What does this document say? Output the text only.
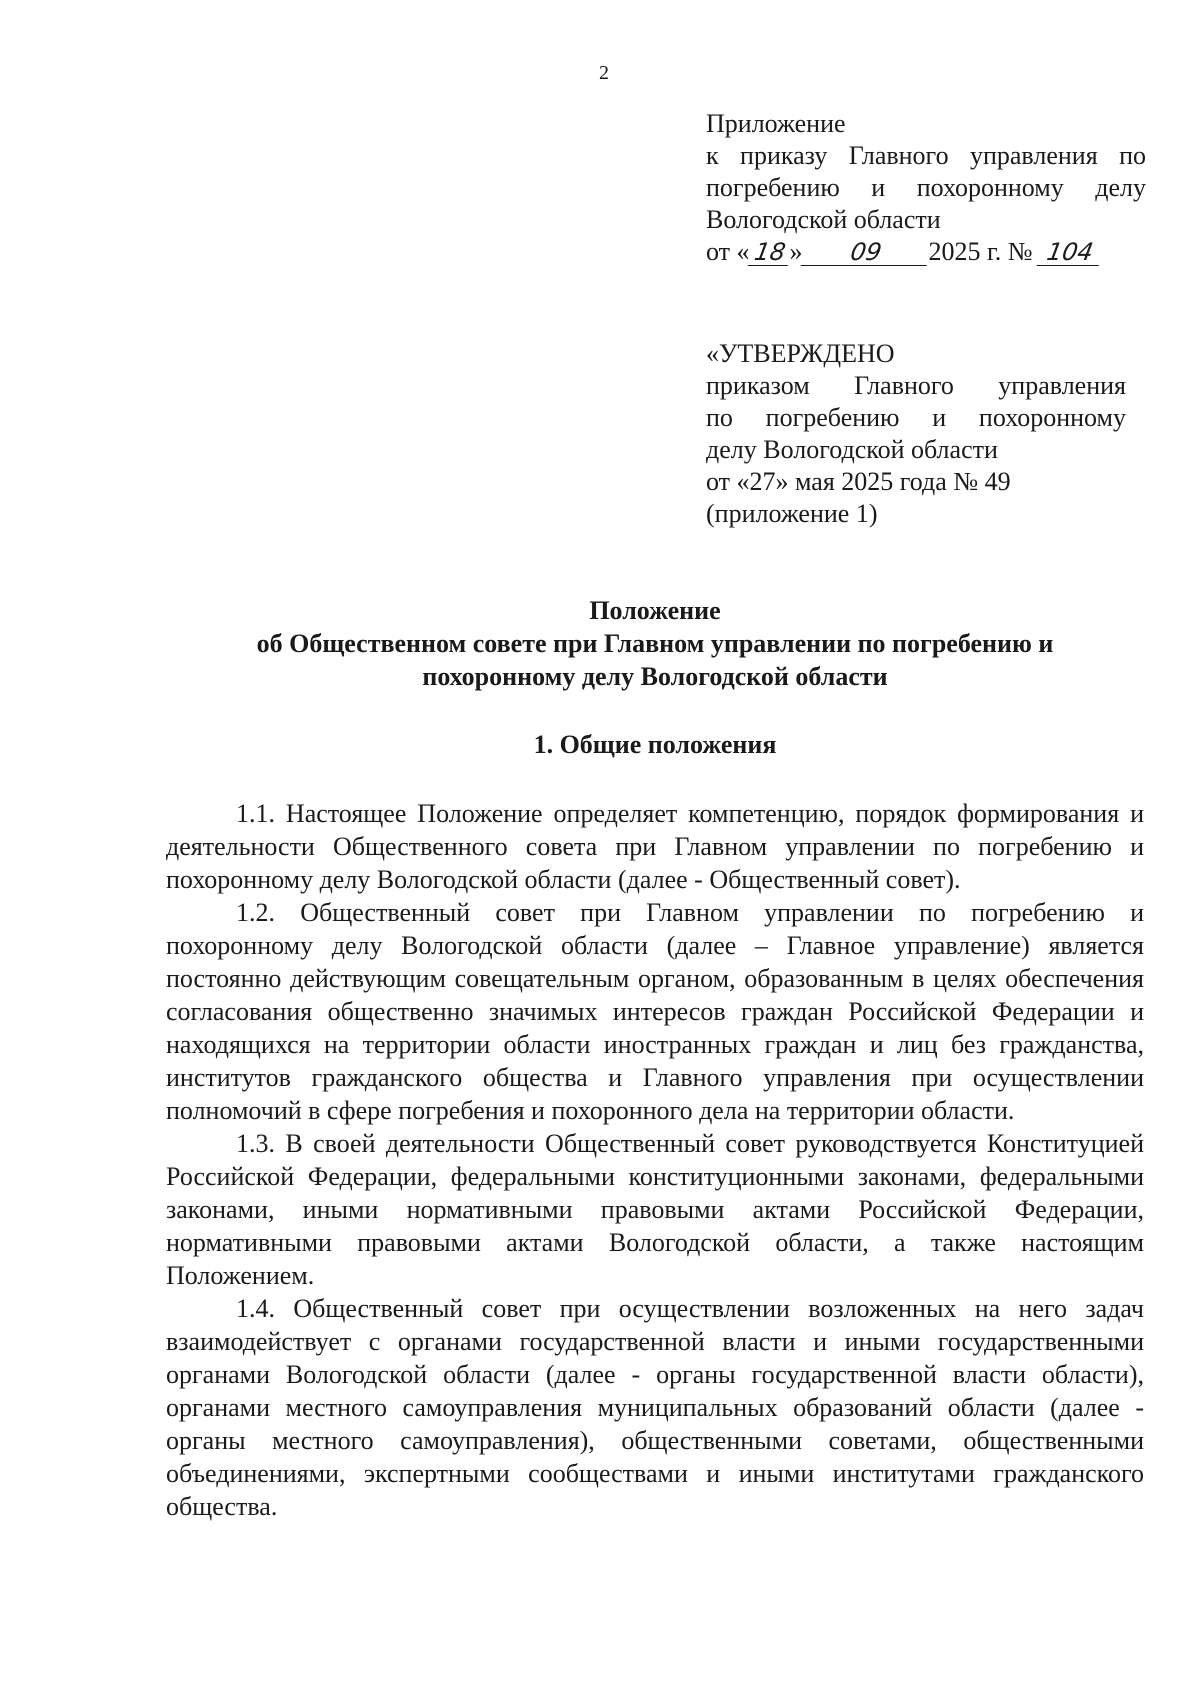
2
Приложение
к приказу Главного управления по
погребению и похоронному делу
Вологодской области
от «18» 09 2025 г. № 104
«УТВЕРЖДЕНО
приказом Главного управления
по погребению и похоронному
делу Вологодской области
от «27» мая 2025 года № 49
(приложение 1)
Положение
об Общественном совете при Главном управлении по погребению и
похоронному делу Вологодской области
1. Общие положения

1.1. Настоящее Положение определяет компетенцию, порядок формирования и деятельности Общественного совета при Главном управлении по погребению и похоронному делу Вологодской области (далее - Общественный совет).

1.2. Общественный совет при Главном управлении по погребению и похоронному делу Вологодской области (далее – Главное управление) является постоянно действующим совещательным органом, образованным в целях обеспечения согласования общественно значимых интересов граждан Российской Федерации и находящихся на территории области иностранных граждан и лиц без гражданства, институтов гражданского общества и Главного управления при осуществлении полномочий в сфере погребения и похоронного дела на территории области.

1.3. В своей деятельности Общественный совет руководствуется Конституцией Российской Федерации, федеральными конституционными законами, федеральными законами, иными нормативными правовыми актами Российской Федерации, нормативными правовыми актами Вологодской области, а также настоящим Положением.

1.4. Общественный совет при осуществлении возложенных на него задач взаимодействует с органами государственной власти и иными государственными органами Вологодской области (далее - органы государственной власти области), органами местного самоуправления муниципальных образований области (далее - органы местного самоуправления), общественными советами, общественными объединениями, экспертными сообществами и иными институтами гражданского общества.
